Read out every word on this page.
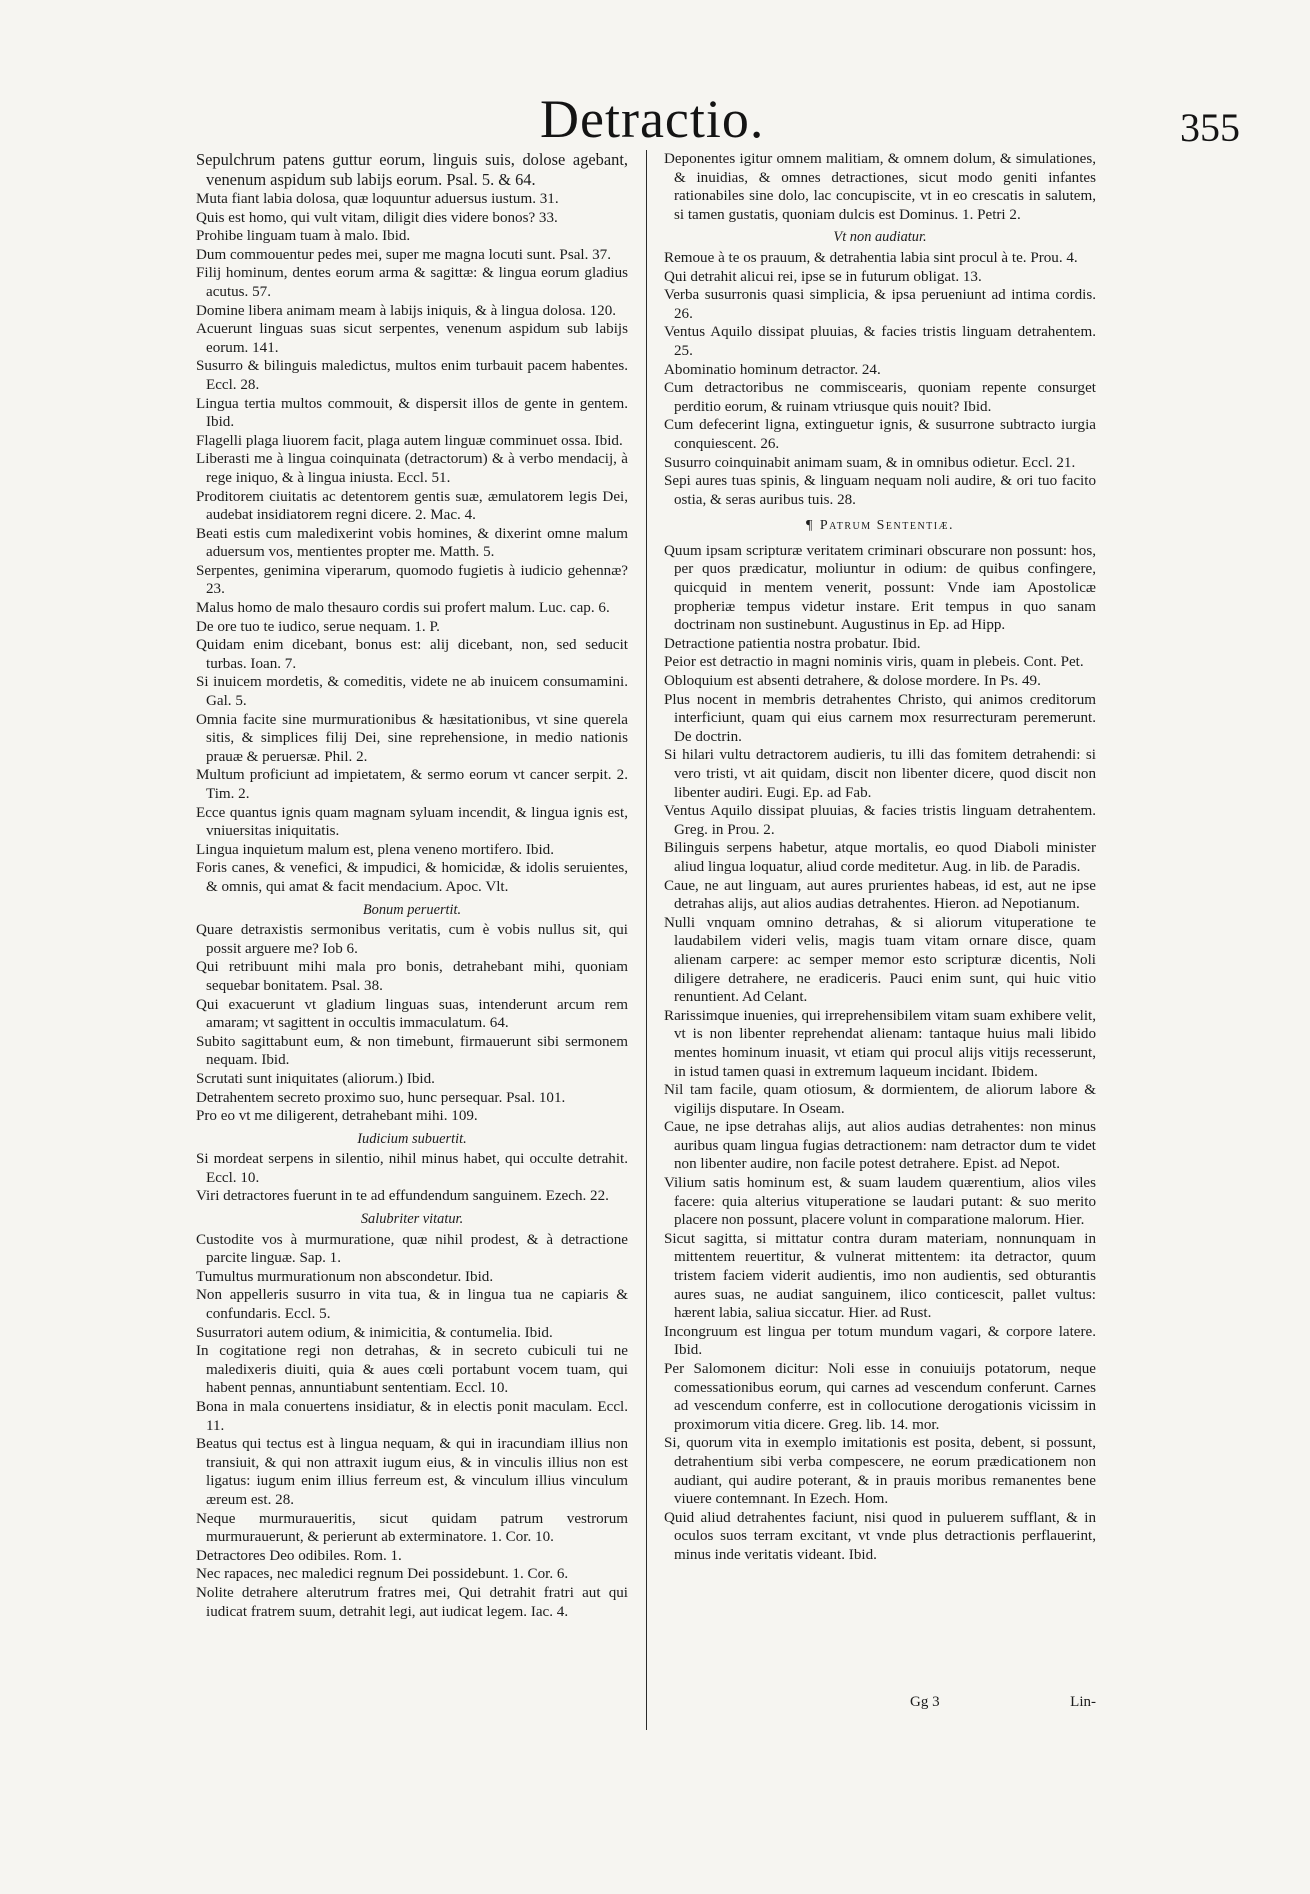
Detractio.	355

Sepulchrum patens guttur eorum, linguis suis, dolose agebant, venenum aspidum sub labijs eorum. Psal. 5. & 64.

Muta fiant labia dolosa, quæ loquuntur aduersus iustum. 31.

Quis est homo, qui vult vitam, diligit dies videre bonos? 33.

Prohibe linguam tuam à malo. Ibid.

Dum commouentur pedes mei, super me magna locuti sunt. Psal. 37.

Filij hominum, dentes eorum arma & sagittæ: & lingua eorum gladius acutus. 57.

Domine libera animam meam à labijs iniquis, & à lingua dolosa. 120.

Acuerunt linguas suas sicut serpentes, venenum aspidum sub labijs eorum. 141.

Susurro & bilinguis maledictus, multos enim turbauit pacem habentes. Eccl. 28.

Lingua tertia multos commouit, & dispersit illos de gente in gentem. Ibid.

Flagelli plaga liuorem facit, plaga autem linguæ comminuet ossa. Ibid.

Liberasti me à lingua coinquinata (detractorum) & à verbo mendacij, à rege iniquo, & à lingua iniusta. Eccl. 51.

Proditorem ciuitatis ac detentorem gentis suæ, æmulatorem legis Dei, audebat insidiatorem regni dicere. 2. Mac. 4.

Beati estis cum maledixerint vobis homines, & dixerint omne malum aduersum vos, mentientes propter me. Matth. 5.

Serpentes, genimina viperarum, quomodo fugietis à iudicio gehennæ? 23.

Malus homo de malo thesauro cordis sui profert malum. Luc. cap. 6.

De ore tuo te iudico, serue nequam. 1. P.

Quidam enim dicebant, bonus est: alij dicebant, non, sed seducit turbas. Ioan. 7.

Si inuicem mordetis, & comeditis, videte ne ab inuicem consumamini. Gal. 5.

Omnia facite sine murmurationibus & hæsitationibus, vt sine querela sitis, & simplices filij Dei, sine reprehensione, in medio nationis prauæ & peruersæ. Phil. 2.

Multum proficiunt ad impietatem, & sermo eorum vt cancer serpit. 2. Tim. 2.

Ecce quantus ignis quam magnam syluam incendit, & lingua ignis est, vniuersitas iniquitatis.

Lingua inquietum malum est, plena veneno mortifero. Ibid.

Foris canes, & venefici, & impudici, & homicidæ, & idolis seruientes, & omnis, qui amat & facit mendacium. Apoc. Vlt.

Bonum peruertit.

Quare detraxistis sermonibus veritatis, cum è vobis nullus sit, qui possit arguere me? Iob 6.

Qui retribuunt mihi mala pro bonis, detrahebant mihi, quoniam sequebar bonitatem. Psal. 38.

Qui exacuerunt vt gladium linguas suas, intenderunt arcum rem amaram; vt sagittent in occultis immaculatum. 64.

Subito sagittabunt eum, & non timebunt, firmauerunt sibi sermonem nequam. Ibid.

Scrutati sunt iniquitates (aliorum.) Ibid.

Detrahentem secreto proximo suo, hunc persequar. Psal. 101.

Pro eo vt me diligerent, detrahebant mihi. 109.

Iudicium subuertit.

Si mordeat serpens in silentio, nihil minus habet, qui occulte detrahit. Eccl. 10.

Viri detractores fuerunt in te ad effundendum sanguinem. Ezech. 22.

Salubriter vitatur.

Custodite vos à murmuratione, quæ nihil prodest, & à detractione parcite linguæ. Sap. 1.

Tumultus murmurationum non abscondetur. Ibid.

Non appelleris susurro in vita tua, & in lingua tua ne capiaris & confundaris. Eccl. 5.

Susurratori autem odium, & inimicitia, & contumelia. Ibid.

In cogitatione regi non detrahas, & in secreto cubiculi tui ne maledixeris diuiti, quia & aues cœli portabunt vocem tuam, qui habent pennas, annuntiabunt sententiam. Eccl. 10.

Bona in mala conuertens insidiatur, & in electis ponit maculam. Eccl. 11.

Beatus qui tectus est à lingua nequam, & qui in iracundiam illius non transiuit, & qui non attraxit iugum eius, & in vinculis illius non est ligatus: iugum enim illius ferreum est, & vinculum illius vinculum æreum est. 28.

Neque murmuraueritis, sicut quidam patrum vestrorum murmurauerunt, & perierunt ab exterminatore. 1. Cor. 10.

Detractores Deo odibiles. Rom. 1.

Nec rapaces, nec maledici regnum Dei possidebunt. 1. Cor. 6.

Nolite detrahere alterutrum fratres mei, Qui detrahit fratri aut qui iudicat fratrem suum, detrahit legi, aut iudicat legem. Iac. 4.

Deponentes igitur omnem malitiam, & omnem dolum, & simulationes, & inuidias, & omnes detractiones, sicut modo geniti infantes rationabiles sine dolo, lac concupiscite, vt in eo crescatis in salutem, si tamen gustatis, quoniam dulcis est Dominus. 1. Petri 2.

Vt non audiatur.

Remoue à te os prauum, & detrahentia labia sint procul à te. Prou. 4.

Qui detrahit alicui rei, ipse se in futurum obligat. 13.

Verba susurronis quasi simplicia, & ipsa perueniunt ad intima cordis. 26.

Ventus Aquilo dissipat pluuias, & facies tristis linguam detrahentem. 25.

Abominatio hominum detractor. 24.

Cum detractoribus ne commiscearis, quoniam repente consurget perditio eorum, & ruinam vtriusque quis nouit? Ibid.

Cum defecerint ligna, extinguetur ignis, & susurrone subtracto iurgia conquiescent. 26.

Susurro coinquinabit animam suam, & in omnibus odietur. Eccl. 21.

Sepi aures tuas spinis, & linguam nequam noli audire, & ori tuo facito ostia, & seras auribus tuis. 28.

¶ Patrum Sententiæ.

Quum ipsam scripturæ veritatem criminari obscurare non possunt: hos, per quos prædicatur, moliuntur in odium: de quibus confingere, quicquid in mentem venerit, possunt: Vnde iam Apostolicæ propheriæ tempus videtur instare. Erit tempus in quo sanam doctrinam non sustinebunt. Augustinus in Ep. ad Hipp.

Detractione patientia nostra probatur. Ibid.

Peior est detractio in magni nominis viris, quam in plebeis. Cont. Pet.

Obloquium est absenti detrahere, & dolose mordere. In Ps. 49.

Plus nocent in membris detrahentes Christo, qui animos creditorum interficiunt, quam qui eius carnem mox resurrecturam peremerunt. De doctrin.

Si hilari vultu detractorem audieris, tu illi das fomitem detrahendi: si vero tristi, vt ait quidam, discit non libenter dicere, quod discit non libenter audiri. Eugi. Ep. ad Fab.

Ventus Aquilo dissipat pluuias, & facies tristis linguam detrahentem. Greg. in Prou. 2.

Bilinguis serpens habetur, atque mortalis, eo quod Diaboli minister aliud lingua loquatur, aliud corde meditetur. Aug. in lib. de Paradis.

Caue, ne aut linguam, aut aures prurientes habeas, id est, aut ne ipse detrahas alijs, aut alios audias detrahentes. Hieron. ad Nepotianum.

Nulli vnquam omnino detrahas, & si aliorum vituperatione te laudabilem videri velis, magis tuam vitam ornare disce, quam alienam carpere: ac semper memor esto scripturæ dicentis, Noli diligere detrahere, ne eradiceris. Pauci enim sunt, qui huic vitio renuntient. Ad Celant.

Rarissimque inuenies, qui irreprehensibilem vitam suam exhibere velit, vt is non libenter reprehendat alienam: tantaque huius mali libido mentes hominum inuasit, vt etiam qui procul alijs vitijs recesserunt, in istud tamen quasi in extremum laqueum incidant. Ibidem.

Nil tam facile, quam otiosum, & dormientem, de aliorum labore & vigilijs disputare. In Oseam.

Caue, ne ipse detrahas alijs, aut alios audias detrahentes: non minus auribus quam lingua fugias detractionem: nam detractor dum te videt non libenter audire, non facile potest detrahere. Epist. ad Nepot.

Vilium satis hominum est, & suam laudem quærentium, alios viles facere: quia alterius vituperatione se laudari putant: & suo merito placere non possunt, placere volunt in comparatione malorum. Hier.

Sicut sagitta, si mittatur contra duram materiam, nonnunquam in mittentem reuertitur, & vulnerat mittentem: ita detractor, quum tristem faciem viderit audientis, imo non audientis, sed obturantis aures suas, ne audiat sanguinem, ilico conticescit, pallet vultus: hærent labia, saliua siccatur. Hier. ad Rust.

Incongruum est lingua per totum mundum vagari, & corpore latere. Ibid.

Per Salomonem dicitur: Noli esse in conuiuijs potatorum, neque comessationibus eorum, qui carnes ad vescendum conferunt. Carnes ad vescendum conferre, est in collocutione derogationis vicissim in proximorum vitia dicere. Greg. lib. 14. mor.

Si, quorum vita in exemplo imitationis est posita, debent, si possunt, detrahentium sibi verba compescere, ne eorum prædicationem non audiant, qui audire poterant, & in prauis moribus remanentes bene viuere contemnant. In Ezech. Hom.

Quid aliud detrahentes faciunt, nisi quod in puluerem sufflant, & in oculos suos terram excitant, vt vnde plus detractionis perflauerint, minus inde veritatis videant. Ibid.

Gg 3	Lin-
